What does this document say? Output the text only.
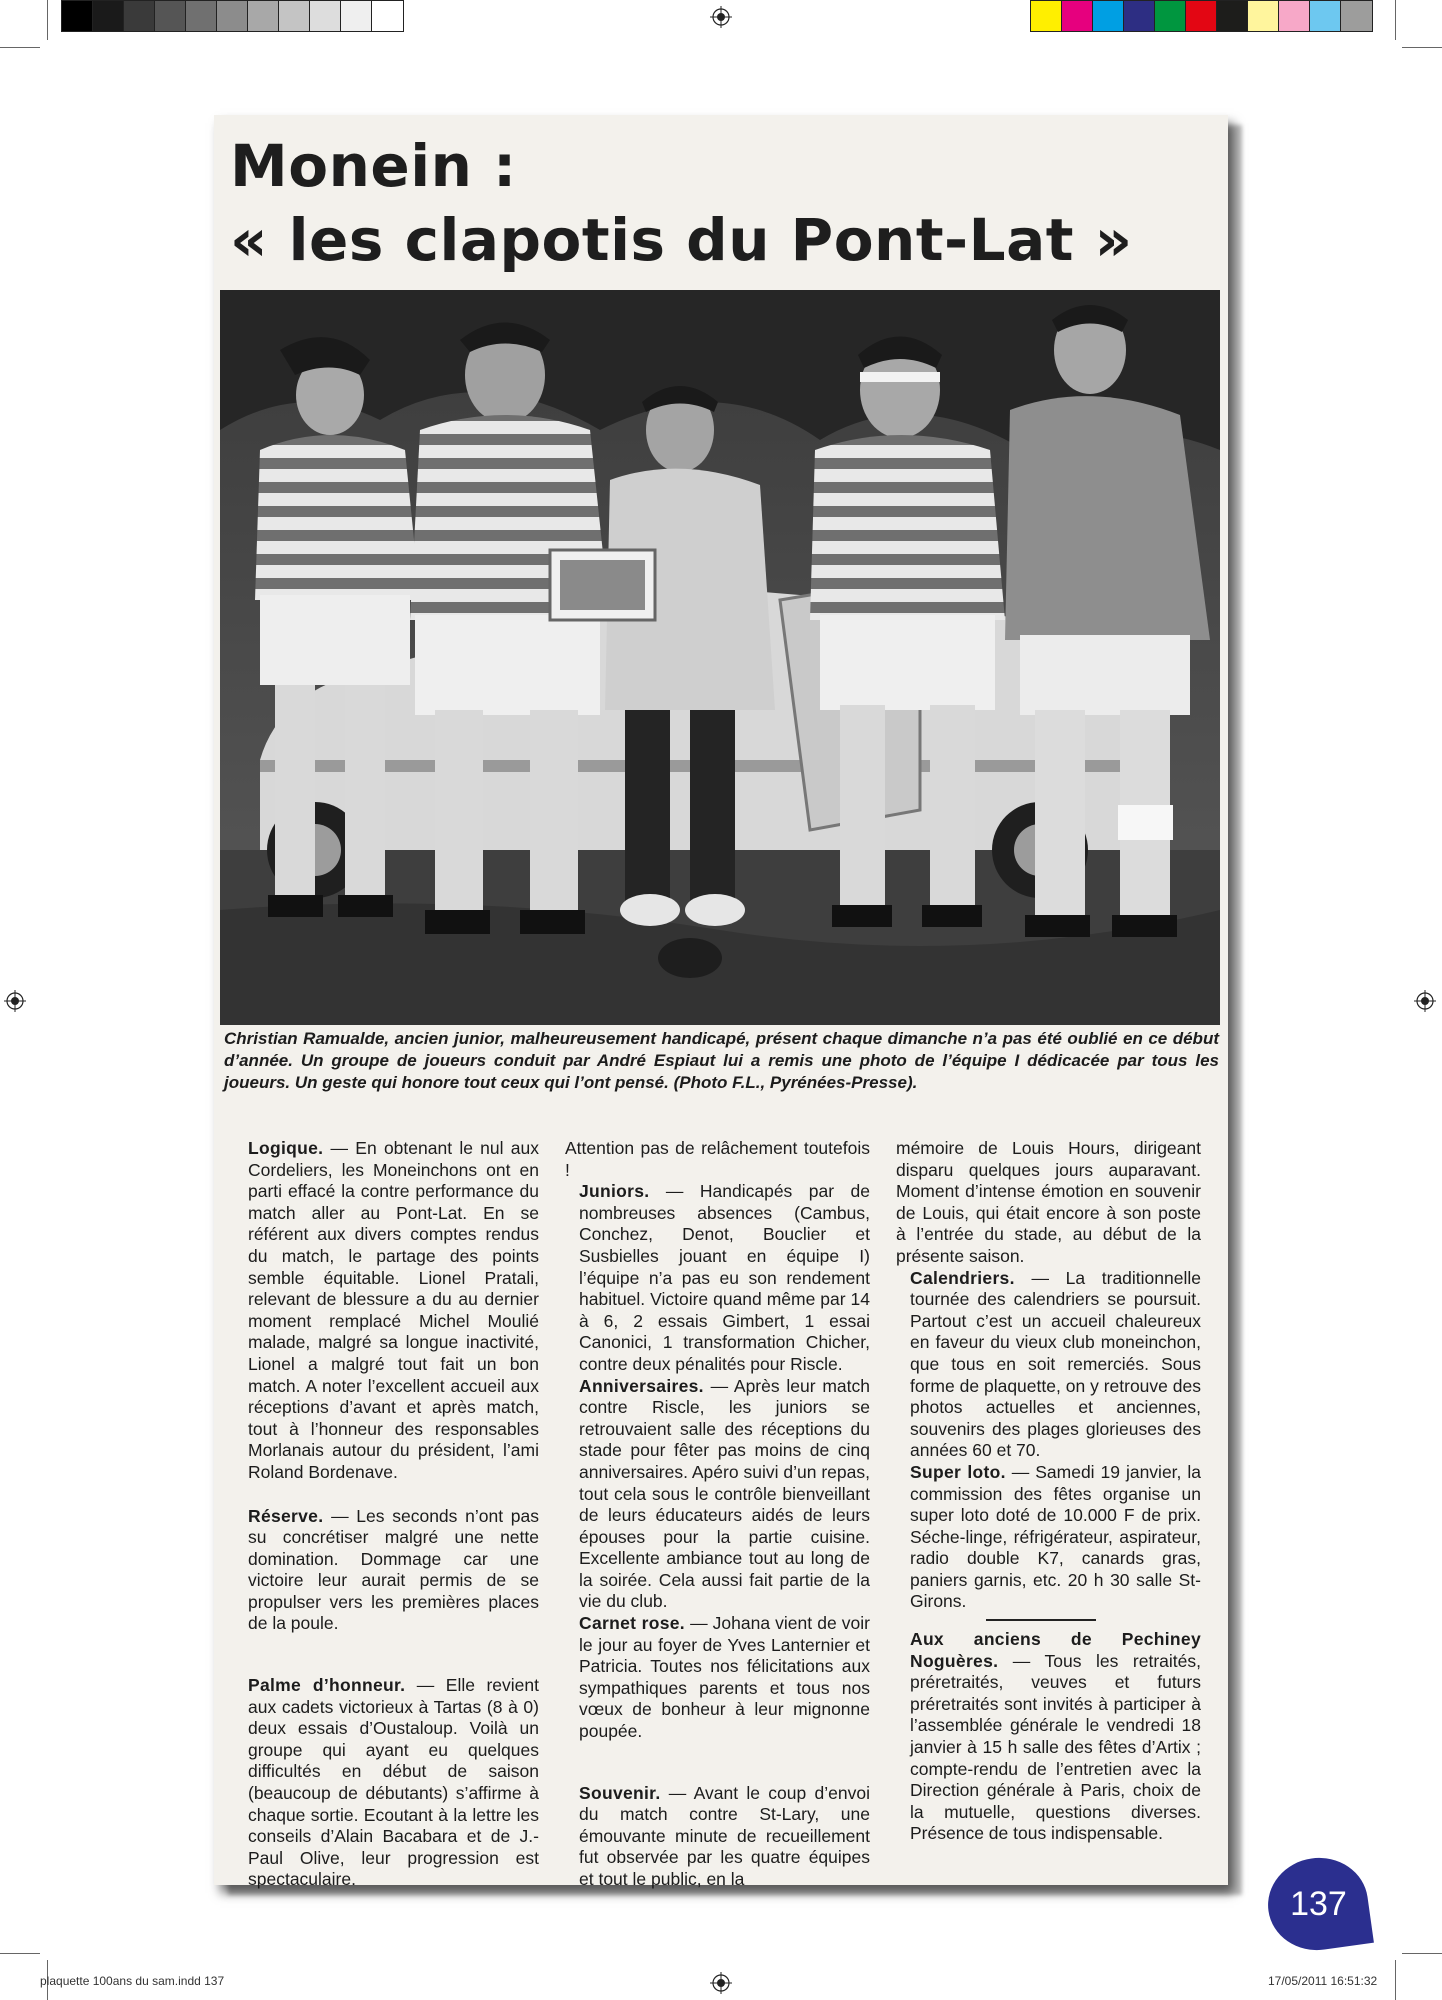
Monein :
« les clapotis du Pont-Lat »
Christian Ramualde, ancien junior, malheureusement handicapé, présent chaque dimanche n’a pas été oublié en ce début d’année. Un groupe de joueurs conduit par André Espiaut lui a remis une photo de l’équipe I dédicacée par tous les joueurs. Un geste qui honore tout ceux qui l’ont pensé. (Photo F.L., Pyrénées-Presse).

Logique. — En obtenant le nul aux Cordeliers, les Moneinchons ont en parti effacé la contre performance du match aller au Pont-Lat. En se référent aux divers comptes rendus du match, le partage des points semble équitable. Lionel Pratali, relevant de blessure a du au dernier moment remplacé Michel Moulié malade, malgré sa longue inactivité, Lionel a malgré tout fait un bon match. A noter l’excellent accueil aux réceptions d’avant et après match, tout à l’honneur des responsables Morlanais autour du président, l’ami Roland Bordenave.

Réserve. — Les seconds n’ont pas su concrétiser malgré une nette domination. Dommage car une victoire leur aurait permis de se propulser vers les premières places de la poule.

Palme d’honneur. — Elle revient aux cadets victorieux à Tartas (8 à 0) deux essais d’Oustaloup. Voilà un groupe qui ayant eu quelques difficultés en début de saison (beaucoup de débutants) s’affirme à chaque sortie. Ecoutant à la lettre les conseils d’Alain Bacabara et de J.-Paul Olive, leur progression est spectaculaire.

Attention pas de relâchement toutefois !

Juniors. — Handicapés par de nombreuses absences (Cambus, Conchez, Denot, Bouclier et Susbielles jouant en équipe I) l’équipe n’a pas eu son rendement habituel. Victoire quand même par 14 à 6, 2 essais Gimbert, 1 essai Canonici, 1 transformation Chicher, contre deux pénalités pour Riscle.

Anniversaires. — Après leur match contre Riscle, les juniors se retrouvaient salle des réceptions du stade pour fêter pas moins de cinq anniversaires. Apéro suivi d’un repas, tout cela sous le contrôle bienveillant de leurs éducateurs aidés de leurs épouses pour la partie cuisine. Excellente ambiance tout au long de la soirée. Cela aussi fait partie de la vie du club.

Carnet rose. — Johana vient de voir le jour au foyer de Yves Lanternier et Patricia. Toutes nos félicitations aux sympathiques parents et tous nos vœux de bonheur à leur mignonne poupée.

Souvenir. — Avant le coup d’envoi du match contre St-Lary, une émouvante minute de recueillement fut observée par les quatre équipes et tout le public, en la

mémoire de Louis Hours, dirigeant disparu quelques jours auparavant. Moment d’intense émotion en souvenir de Louis, qui était encore à son poste à l’entrée du stade, au début de la présente saison.

Calendriers. — La traditionnelle tournée des calendriers se poursuit. Partout c’est un accueil chaleureux en faveur du vieux club moneinchon, que tous en soit remerciés. Sous forme de plaquette, on y retrouve des photos actuelles et anciennes, souvenirs des plages glorieuses des années 60 et 70.

Super loto. — Samedi 19 janvier, la commission des fêtes organise un super loto doté de 10.000 F de prix. Séche-linge, réfrigérateur, aspirateur, radio double K7, canards gras, paniers garnis, etc. 20 h 30 salle St-Girons.

Aux anciens de Pechiney Noguères. — Tous les retraités, préretraités, veuves et futurs préretraités sont invités à participer à l’assemblée générale le vendredi 18 janvier à 15 h salle des fêtes d’Artix ; compte-rendu de l’entretien avec la Direction générale à Paris, choix de la mutuelle, questions diverses. Présence de tous indispensable.

137
plaquette 100ans du sam.indd 137	17/05/2011 16:51:32
